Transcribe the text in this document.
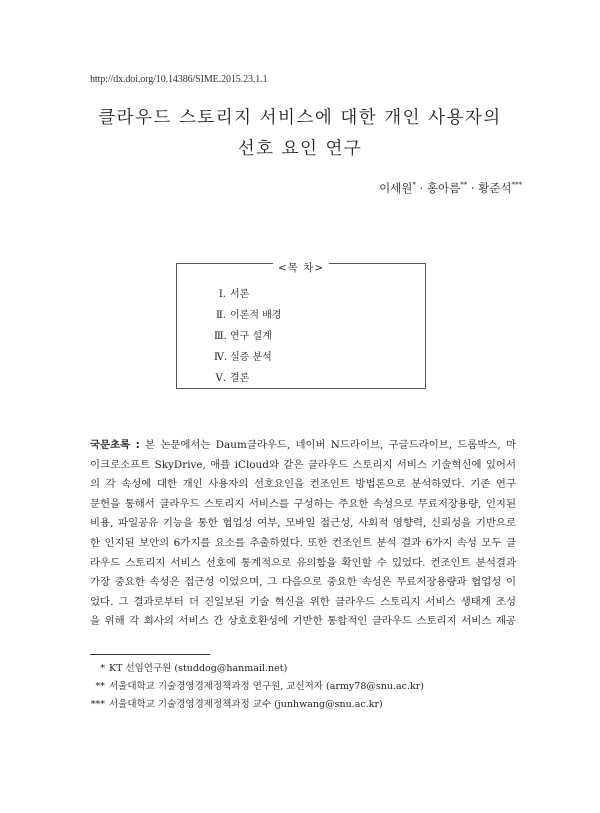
http://dx.doi.org/10.14386/SIME.2015.23.1.1
클라우드 스토리지 서비스에 대한 개인 사용자의
선호 요인 연구
이세원* · 홍아름** · 황준석***
<목 차>
Ⅰ. 서론
Ⅱ. 이론적 배경
Ⅲ. 연구 설계
Ⅳ. 실증 분석
Ⅴ. 결론
국문초록 : 본 논문에서는 Daum클라우드, 네이버 N드라이브, 구글드라이브, 드롭박스, 마
이크로소프트 SkyDrive, 애플 iCloud와 같은 클라우드 스토리지 서비스 기술혁신에 있어서
의 각 속성에 대한 개인 사용자의 선호요인을 컨조인트 방법론으로 분석하였다. 기존 연구
문헌을 통해서 클라우드 스토리지 서비스를 구성하는 주요한 속성으로 무료저장용량, 인지된
비용, 파일공유 기능을 통한 협업성 여부, 모바일 접근성, 사회적 영향력, 신뢰성을 기반으로
한 인지된 보안의 6가지를 요소를 추출하였다. 또한 컨조인트 분석 결과 6가지 속성 모두 클
라우드 스토리지 서비스 선호에 통계적으로 유의함을 확인할 수 있었다. 컨조인트 분석결과
가장 중요한 속성은 접근성 이었으며, 그 다음으로 중요한 속성은 무료저장용량과 협업성 이
었다. 그 결과로부터 더 진일보된 기술 혁신을 위한 클라우드 스토리지 서비스 생태계 조성
을 위해 각 회사의 서비스 간 상호호환성에 기반한 통합적인 클라우드 스토리지 서비스 제공
* KT 선임연구원 (studdog@hanmail.net)
** 서울대학교 기술경영경제정책과정 연구원, 교신저자 (army78@snu.ac.kr)
*** 서울대학교 기술경영경제정책과정 교수 (junhwang@snu.ac.kr)
